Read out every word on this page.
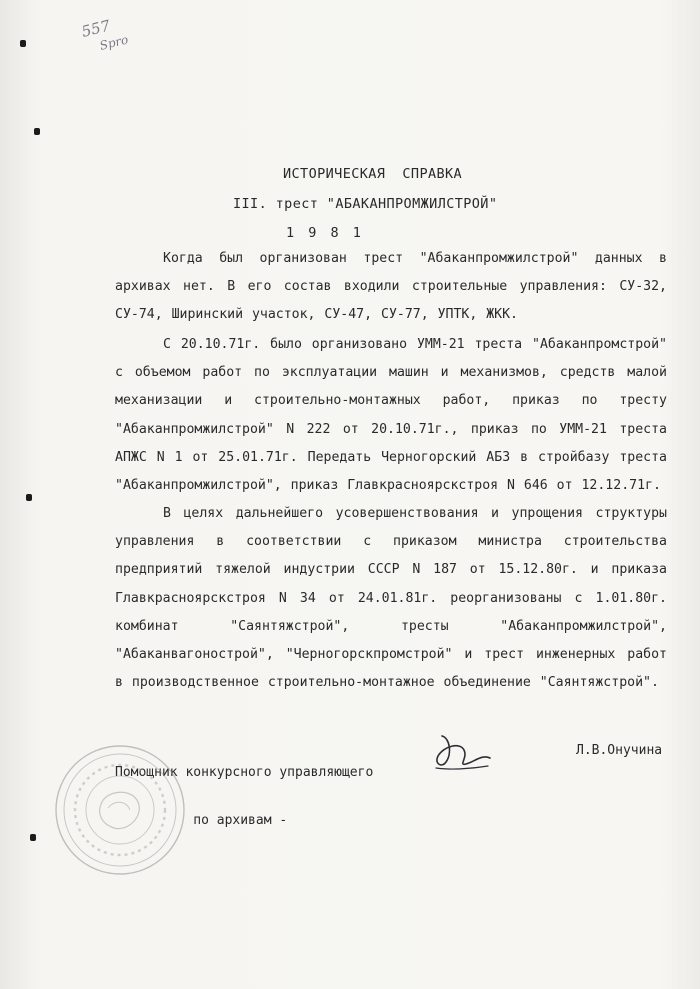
557
Spro
ИСТОРИЧЕСКАЯ  СПРАВКА
III. трест "АБАКАНПРОМЖИЛСТРОЙ"
1 9 8 1
Когда был организован трест "Абаканпромжилстрой" данных в архивах нет. В его состав входили строительные управления: СУ-32, СУ-74, Ширинский участок, СУ-47, СУ-77, УПТК, ЖКК.
С 20.10.71г. было организовано УММ-21 треста "Абаканпромстрой" с объемом работ по эксплуатации машин и механизмов, средств малой механизации и строительно-монтажных работ, приказ по тресту "Абаканпромжилстрой" N 222 от 20.10.71г., приказ по УММ-21 треста АПЖС N 1 от 25.01.71г. Передать Черногорский АБЗ в стройбазу треста "Абаканпромжилстрой", приказ Главкрасноярскстроя N 646 от 12.12.71г.
В целях дальнейшего усовершенствования и упрощения структуры управления в соответствии с приказом министра строительства предприятий тяжелой индустрии СССР N 187 от 15.12.80г. и приказа Главкрасноярскстроя N 34 от 24.01.81г. реорганизованы с 1.01.80г. комбинат "Саянтяжстрой", тресты "Абаканпромжилстрой", "Абаканвагонострой", "Черногорскпромстрой" и трест инженерных работ в производственное строительно-монтажное объединение "Саянтяжстрой".

Помощник конкурсного управляющего

по архивам -

Л.В.Онучина
